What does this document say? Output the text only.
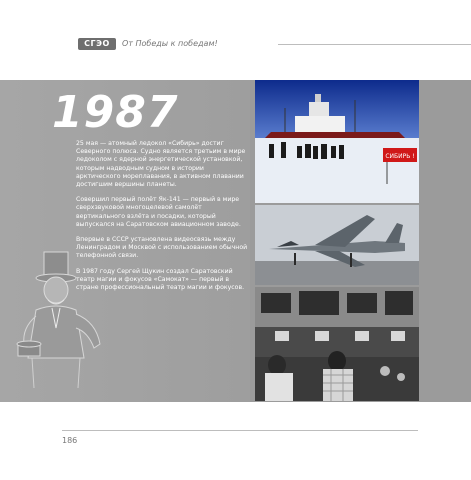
СГЭО	От Победы к победам!
1987

25 мая — атомный ледокол «Сибирь» достиг Северного полюса. Судно является третьим в мире ледоколом с ядерной энергетической установкой, которым надводным судном в истории арктического мореплавания, в активном плавании достигшим вершины планеты.

Совершил первый полёт Як-141 — первый в мире сверхзвуковой многоцелевой самолёт вертикального взлёта и посадки, который выпускался на Саратовском авиационном заводе.

Впервые в СССР установлена видеосвязь между Ленинградом и Москвой с использованием обычной телефонной связи.

В 1987 году Сергей Щукин создал Саратовский театр магии и фокусов «Самокат» — первый в стране профессиональный театр магии и фокусов.

СИБИРЬ !
186
